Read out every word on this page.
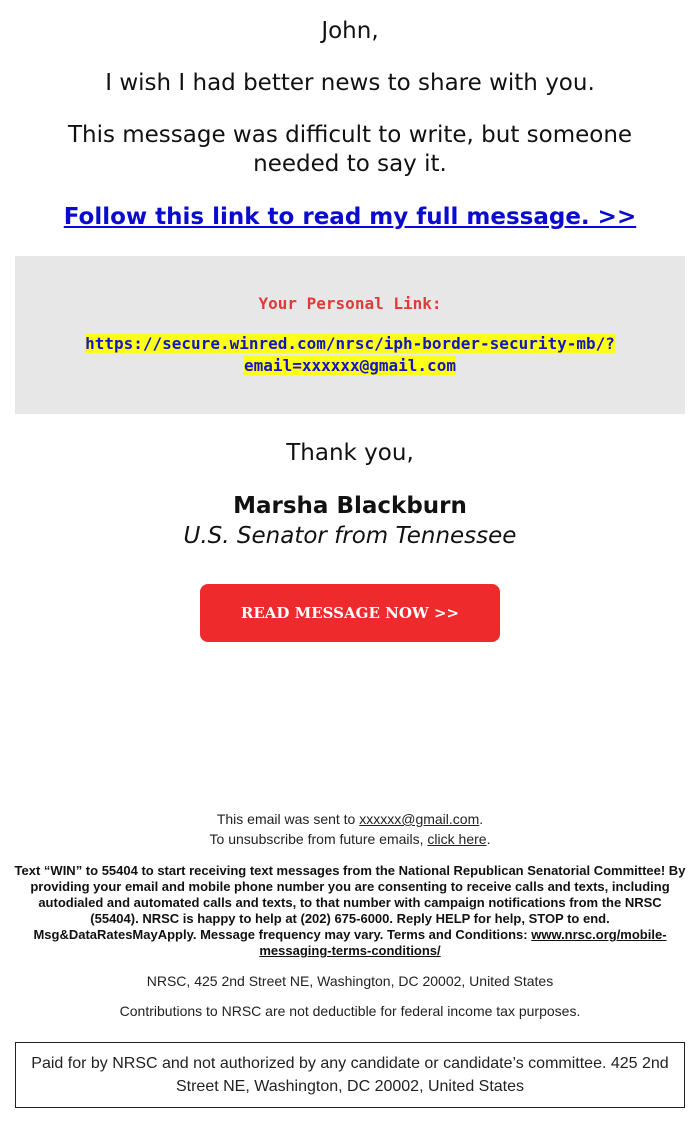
John,
I wish I had better news to share with you.
This message was difficult to write, but someone needed to say it.
Follow this link to read my full message. >>
Your Personal Link:
https://secure.winred.com/nrsc/iph-border-security-mb/?email=xxxxxx@gmail.com
Thank you,
Marsha Blackburn
U.S. Senator from Tennessee
READ MESSAGE NOW >>
This email was sent to xxxxxx@gmail.com.
To unsubscribe from future emails, click here.
Text “WIN” to 55404 to start receiving text messages from the National Republican Senatorial Committee! By providing your email and mobile phone number you are consenting to receive calls and texts, including autodialed and automated calls and texts, to that number with campaign notifications from the NRSC (55404). NRSC is happy to help at (202) 675-6000. Reply HELP for help, STOP to end. Msg&DataRatesMayApply. Message frequency may vary. Terms and Conditions: www.nrsc.org/mobile-messaging-terms-conditions/
NRSC, 425 2nd Street NE, Washington, DC 20002, United States
Contributions to NRSC are not deductible for federal income tax purposes.
Paid for by NRSC and not authorized by any candidate or candidate’s committee. 425 2nd Street NE, Washington, DC 20002, United States
